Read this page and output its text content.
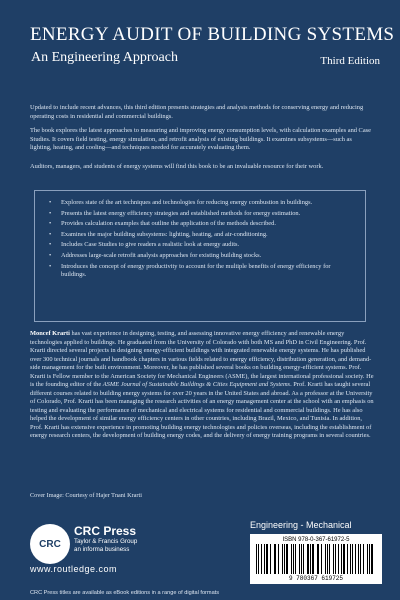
ENERGY AUDIT OF BUILDING SYSTEMS
An Engineering Approach	Third Edition
Updated to include recent advances, this third edition presents strategies and analysis methods for conserving energy and reducing operating costs in residential and commercial buildings.
The book explores the latest approaches to measuring and improving energy consumption levels, with calculation examples and Case Studies. It covers field testing, energy simulation, and retrofit analysis of existing buildings. It examines subsystems—such as lighting, heating, and cooling—and techniques needed for accurately evaluating them.
Auditors, managers, and students of energy systems will find this book to be an invaluable resource for their work.
• Explores state of the art techniques and technologies for reducing energy combustion in buildings.
• Presents the latest energy efficiency strategies and established methods for energy estimation.
• Provides calculation examples that outline the application of the methods described.
• Examines the major building subsystems: lighting, heating, and air-conditioning.
• Includes Case Studies to give readers a realistic look at energy audits.
• Addresses large-scale retrofit analysis approaches for existing building stocks.
• Introduces the concept of energy productivity to account for the multiple benefits of energy efficiency for buildings.
Moncef Krarti has vast experience in designing, testing, and assessing innovative energy efficiency and renewable energy technologies applied to buildings. He graduated from the University of Colorado with both MS and PhD in Civil Engineering. Prof. Krarti directed several projects in designing energy-efficient buildings with integrated renewable energy systems. He has published over 300 technical journals and handbook chapters in various fields related to energy efficiency, distribution generation, and demand-side management for the built environment. Moreover, he has published several books on building energy-efficient systems. Prof. Krarti is Fellow member to the American Society for Mechanical Engineers (ASME), the largest international professional society. He is the founding editor of the ASME Journal of Sustainable Buildings & Cities Equipment and Systems. Prof. Krarti has taught several different courses related to building energy systems for over 20 years in the United States and abroad. As a professor at the University of Colorado, Prof. Krarti has been managing the research activities of an energy management center at the school with an emphasis on testing and evaluating the performance of mechanical and electrical systems for residential and commercial buildings. He has also helped the development of similar energy efficiency centers in other countries, including Brazil, Mexico, and Tunisia. In addition, Prof. Krarti has extensive experience in promoting building energy technologies and policies overseas, including the establishment of energy research centers, the development of building energy codes, and the delivery of energy training programs in several countries.
Cover Image: Courtesy of Hajer Tnani Krarti
CRC
CRC Press
Taylor & Francis Group
an informa business
www.routledge.com
CRC Press titles are available as eBook editions in a range of digital formats
Engineering - Mechanical
ISBN 978-0-367-61972-5
9 780367 619725
